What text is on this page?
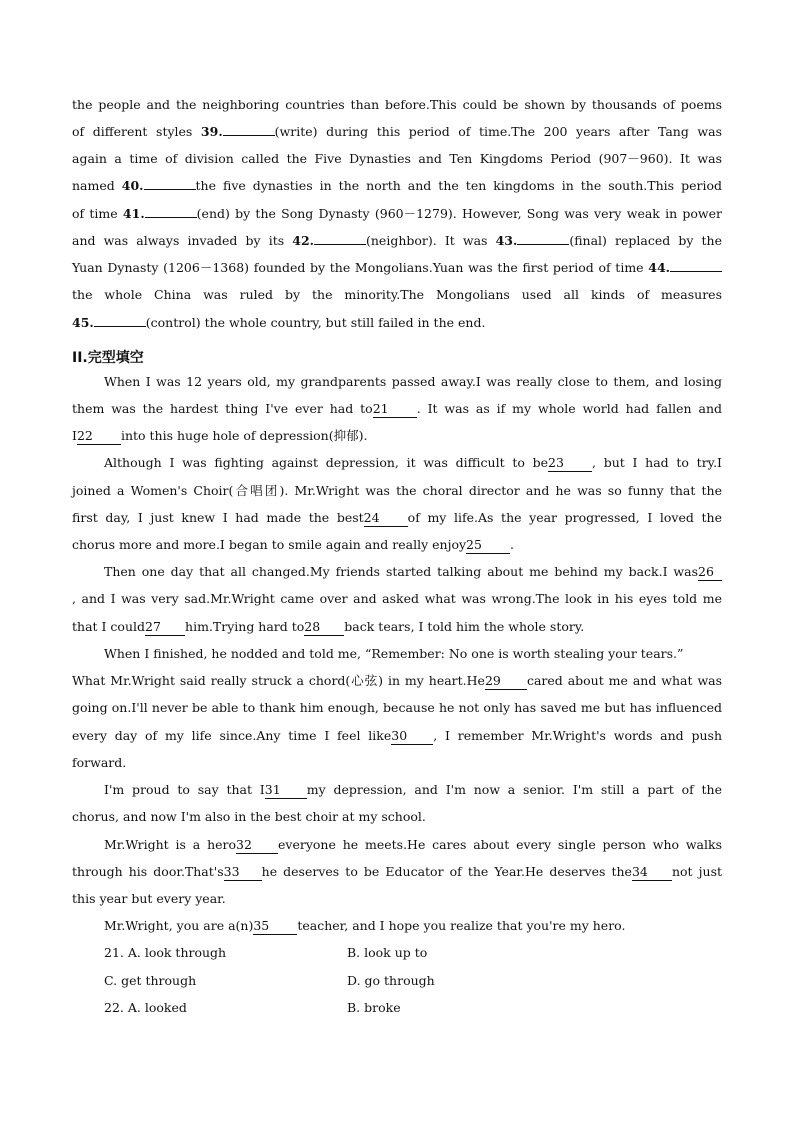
the people and the neighboring countries than before.This could be shown by thousands of poems
of different styles 39.	(write) during this period of time.The 200 years after Tang was
again a time of division called the Five Dynasties and Ten Kingdoms Period (907－960). It was
named 40.	the five dynasties in the north and the ten kingdoms in the south.This period
of time 41.	(end) by the Song Dynasty (960－1279). However, Song was very weak in power
and was always invaded by its 42.	(neighbor). It was 43.	(final) replaced by the
Yuan Dynasty (1206－1368) founded by the Mongolians.Yuan was the first period of time 44.
the whole China was ruled by the minority.The Mongolians used all kinds of measures
45.	(control) the whole country, but still failed in the end.
II.完型填空
When I was 12 years old, my grandparents passed away.I was really close to them, and losing
them was the hardest thing I've ever had to21 . It was as if my whole world had fallen and
I22 into this huge hole of depression(抑郁).
Although I was fighting against depression, it was difficult to be23 , but I had to try.I
joined a Women's Choir(合唱团). Mr.Wright was the choral director and he was so funny that the
first day, I just knew I had made the best24 of my life.As the year progressed, I loved the
chorus more and more.I began to smile again and really enjoy25 .
Then one day that all changed.My friends started talking about me behind my back.I was26
, and I was very sad.Mr.Wright came over and asked what was wrong.The look in his eyes told me
that I could27 him.Trying hard to28 back tears, I told him the whole story.
When I finished, he nodded and told me, “Remember: No one is worth stealing your tears.”
What Mr.Wright said really struck a chord(心弦) in my heart.He29 cared about me and what was
going on.I'll never be able to thank him enough, because he not only has saved me but has influenced
every day of my life since.Any time I feel like30 , I remember Mr.Wright's words and push
forward.
I'm proud to say that I31 my depression, and I'm now a senior. I'm still a part of the
chorus, and now I'm also in the best choir at my school.
Mr.Wright is a hero32 everyone he meets.He cares about every single person who walks
through his door.That's33 he deserves to be Educator of the Year.He deserves the34 not just
this year but every year.
Mr.Wright, you are a(n)35 teacher, and I hope you realize that you're my hero.
21. A. look through	B. look up to
C. get through	D. go through
22. A. looked	B. broke
